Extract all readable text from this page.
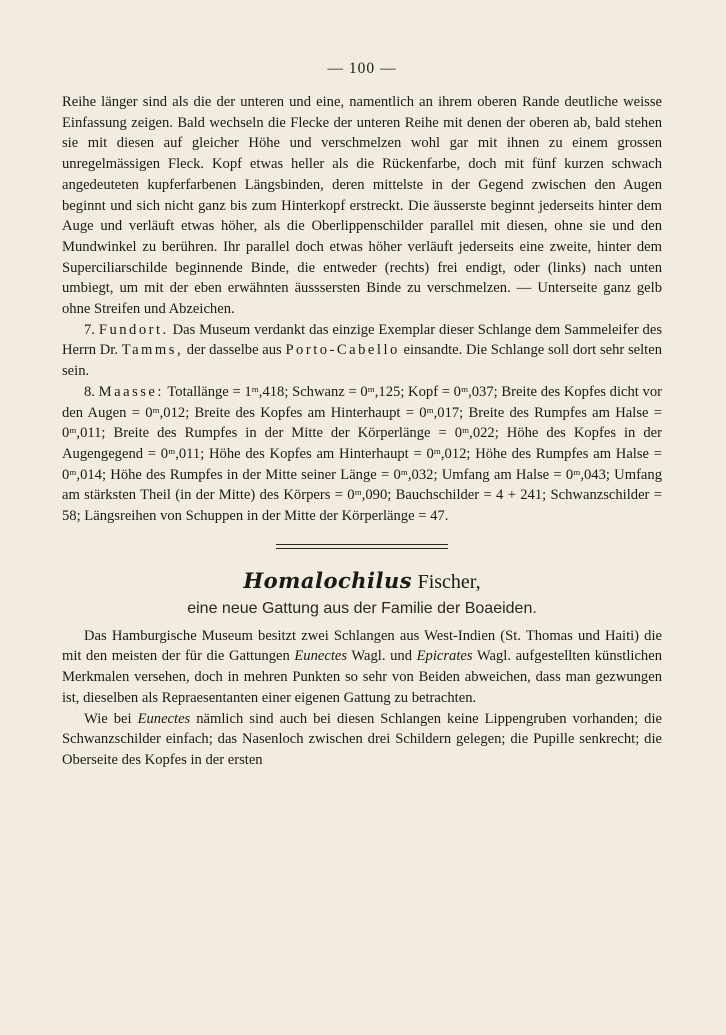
— 100 —

Reihe länger sind als die der unteren und eine, namentlich an ihrem oberen Rande deutliche weisse Einfassung zeigen. Bald wechseln die Flecke der unteren Reihe mit denen der oberen ab, bald stehen sie mit diesen auf gleicher Höhe und verschmelzen wohl gar mit ihnen zu einem grossen unregelmässigen Fleck. Kopf etwas heller als die Rückenfarbe, doch mit fünf kurzen schwach angedeuteten kupferfarbenen Längsbinden, deren mittelste in der Gegend zwischen den Augen beginnt und sich nicht ganz bis zum Hinterkopf erstreckt. Die äusserste beginnt jederseits hinter dem Auge und verläuft etwas höher, als die Oberlippenschilder parallel mit diesen, ohne sie und den Mundwinkel zu berühren. Ihr parallel doch etwas höher verläuft jederseits eine zweite, hinter dem Superciliarschilde beginnende Binde, die entweder (rechts) frei endigt, oder (links) nach unten umbiegt, um mit der eben erwähnten äusssersten Binde zu verschmelzen. — Unterseite ganz gelb ohne Streifen und Abzeichen.

7. Fundort. Das Museum verdankt das einzige Exemplar dieser Schlange dem Sammeleifer des Herrn Dr. Tamms, der dasselbe aus Porto-Cabello einsandte. Die Schlange soll dort sehr selten sein.

8. Maasse: Totallänge = 1ᵐ,418; Schwanz = 0ᵐ,125; Kopf = 0ᵐ,037; Breite des Kopfes dicht vor den Augen = 0ᵐ,012; Breite des Kopfes am Hinterhaupt = 0ᵐ,017; Breite des Rumpfes am Halse = 0ᵐ,011; Breite des Rumpfes in der Mitte der Körperlänge = 0ᵐ,022; Höhe des Kopfes in der Augengegend = 0ᵐ,011; Höhe des Kopfes am Hinterhaupt = 0ᵐ,012; Höhe des Rumpfes am Halse = 0ᵐ,014; Höhe des Rumpfes in der Mitte seiner Länge = 0ᵐ,032; Umfang am Halse = 0ᵐ,043; Umfang am stärksten Theil (in der Mitte) des Körpers = 0ᵐ,090; Bauchschilder = 4 + 241; Schwanzschilder = 58; Längsreihen von Schuppen in der Mitte der Körperlänge = 47.

Homalochilus Fischer,
eine neue Gattung aus der Familie der Boaeiden.

Das Hamburgische Museum besitzt zwei Schlangen aus West-Indien (St. Thomas und Haiti) die mit den meisten der für die Gattungen Eunectes Wagl. und Epicrates Wagl. aufgestellten künstlichen Merkmalen versehen, doch in mehren Punkten so sehr von Beiden abweichen, dass man gezwungen ist, dieselben als Repraesentanten einer eigenen Gattung zu betrachten.

Wie bei Eunectes nämlich sind auch bei diesen Schlangen keine Lippengruben vorhanden; die Schwanzschilder einfach; das Nasenloch zwischen drei Schildern gelegen; die Pupille senkrecht; die Oberseite des Kopfes in der ersten
